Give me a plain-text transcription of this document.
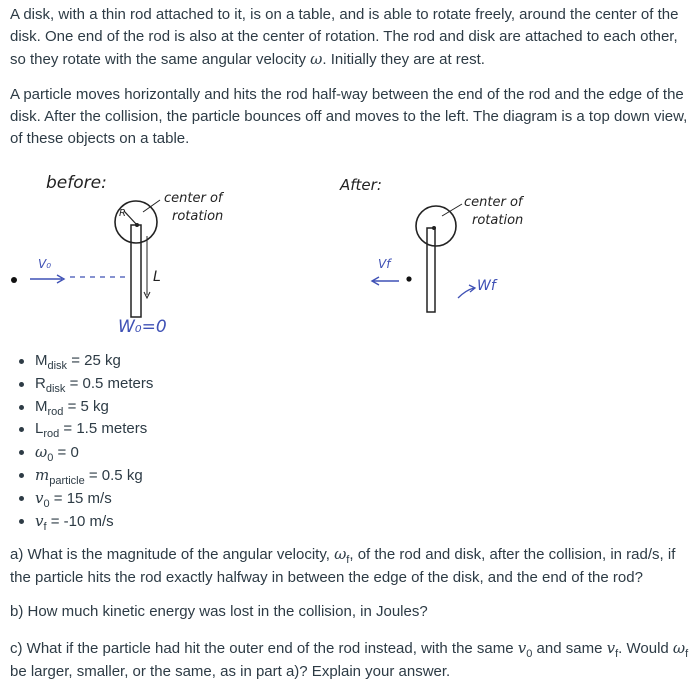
A disk, with a thin rod attached to it, is on a table, and is able to rotate freely, around the center of the disk. One end of the rod is also at the center of rotation. The rod and disk are attached to each other, so they rotate with the same angular velocity ω. Initially they are at rest.
A particle moves horizontally and hits the rod half-way between the end of the rod and the edge of the disk. After the collision, the particle bounces off and moves to the left. The diagram is a top down view, of these objects on a table.
before:
R
L
center of
rotation
V₀
W₀=0
After:
center of
rotation
Vf
Wf
$M_{disk} = 25$ kg
$R_{disk} = 0.5$ meters
$M_{rod} = 5$ kg
$L_{rod} = 1.5$ meters
$\omega_0 = 0$
$m_{particle} = 0.5$ kg
$v_0 = 15$ m/s
$v_f = -10$ m/s
a) What is the magnitude of the angular velocity, $\omega_f$, of the rod and disk, after the collision, in rad/s, if the particle hits the rod exactly halfway in between the edge of the disk, and the end of the rod?
b) How much kinetic energy was lost in the collision, in Joules?
c) What if the particle had hit the outer end of the rod instead, with the same $v_0$ and same $v_f$. Would $\omega_f$ be larger, smaller, or the same, as in part a)? Explain your answer.
